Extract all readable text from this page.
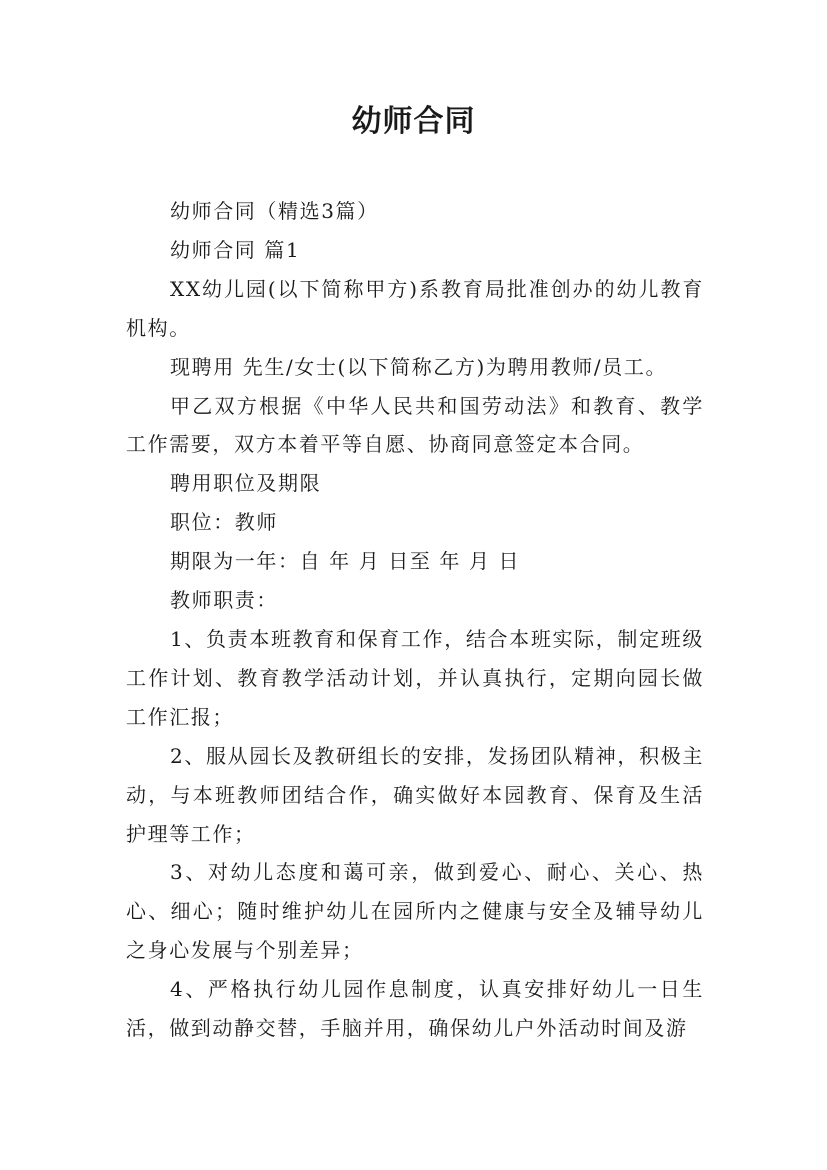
幼师合同

幼师合同（精选3篇）

幼师合同 篇1

XX幼儿园(以下简称甲方)系教育局批准创办的幼儿教育机构。

现聘用 先生/女士(以下简称乙方)为聘用教师/员工。

甲乙双方根据《中华人民共和国劳动法》和教育、教学工作需要，双方本着平等自愿、协商同意签定本合同。

聘用职位及期限

职位：教师

期限为一年：自 年 月 日至 年 月 日

教师职责：

1、负责本班教育和保育工作，结合本班实际，制定班级工作计划、教育教学活动计划，并认真执行，定期向园长做工作汇报；

2、服从园长及教研组长的安排，发扬团队精神，积极主动，与本班教师团结合作，确实做好本园教育、保育及生活护理等工作；

3、对幼儿态度和蔼可亲，做到爱心、耐心、关心、热心、细心；随时维护幼儿在园所内之健康与安全及辅导幼儿之身心发展与个别差异；

4、严格执行幼儿园作息制度，认真安排好幼儿一日生活，做到动静交替，手脑并用，确保幼儿户外活动时间及游
